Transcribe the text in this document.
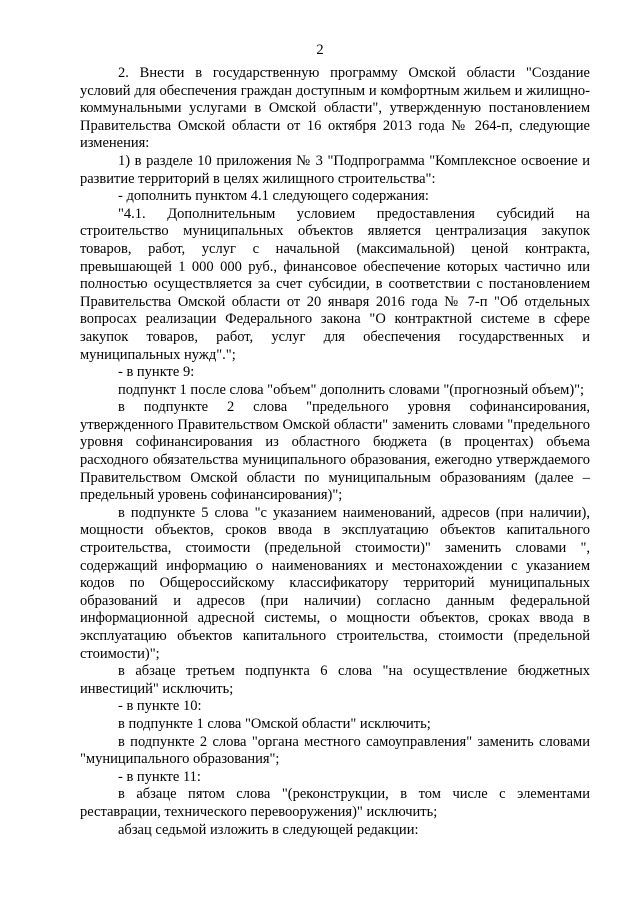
2

2. Внести в государственную программу Омской области "Создание условий для обеспечения граждан доступным и комфортным жильем и жилищно-коммунальными услугами в Омской области", утвержденную постановлением Правительства Омской области от 16 октября 2013 года № 264-п, следующие изменения:

1) в разделе 10 приложения № 3 "Подпрограмма "Комплексное освоение и развитие территорий в целях жилищного строительства":

- дополнить пунктом 4.1 следующего содержания:

"4.1. Дополнительным условием предоставления субсидий на строительство муниципальных объектов является централизация закупок товаров, работ, услуг с начальной (максимальной) ценой контракта, превышающей 1 000 000 руб., финансовое обеспечение которых частично или полностью осуществляется за счет субсидии, в соответствии с постановлением Правительства Омской области от 20 января 2016 года № 7-п "Об отдельных вопросах реализации Федерального закона "О контрактной системе в сфере закупок товаров, работ, услуг для обеспечения государственных и муниципальных нужд".";

- в пункте 9:

подпункт 1 после слова "объем" дополнить словами "(прогнозный объем)";

в подпункте 2 слова "предельного уровня софинансирования, утвержденного Правительством Омской области" заменить словами "предельного уровня софинансирования из областного бюджета (в процентах) объема расходного обязательства муниципального образования, ежегодно утверждаемого Правительством Омской области по муниципальным образованиям (далее – предельный уровень софинансирования)";

в подпункте 5 слова "с указанием наименований, адресов (при наличии), мощности объектов, сроков ввода в эксплуатацию объектов капитального строительства, стоимости (предельной стоимости)" заменить словами ", содержащий информацию о наименованиях и местонахождении с указанием кодов по Общероссийскому классификатору территорий муниципальных образований и адресов (при наличии) согласно данным федеральной информационной адресной системы, о мощности объектов, сроках ввода в эксплуатацию объектов капитального строительства, стоимости (предельной стоимости)";

в абзаце третьем подпункта 6 слова "на осуществление бюджетных инвестиций" исключить;

- в пункте 10:

в подпункте 1 слова "Омской области" исключить;

в подпункте 2 слова "органа местного самоуправления" заменить словами "муниципального образования";

- в пункте 11:

в абзаце пятом слова "(реконструкции, в том числе с элементами реставрации, технического перевооружения)" исключить;

абзац седьмой изложить в следующей редакции:
